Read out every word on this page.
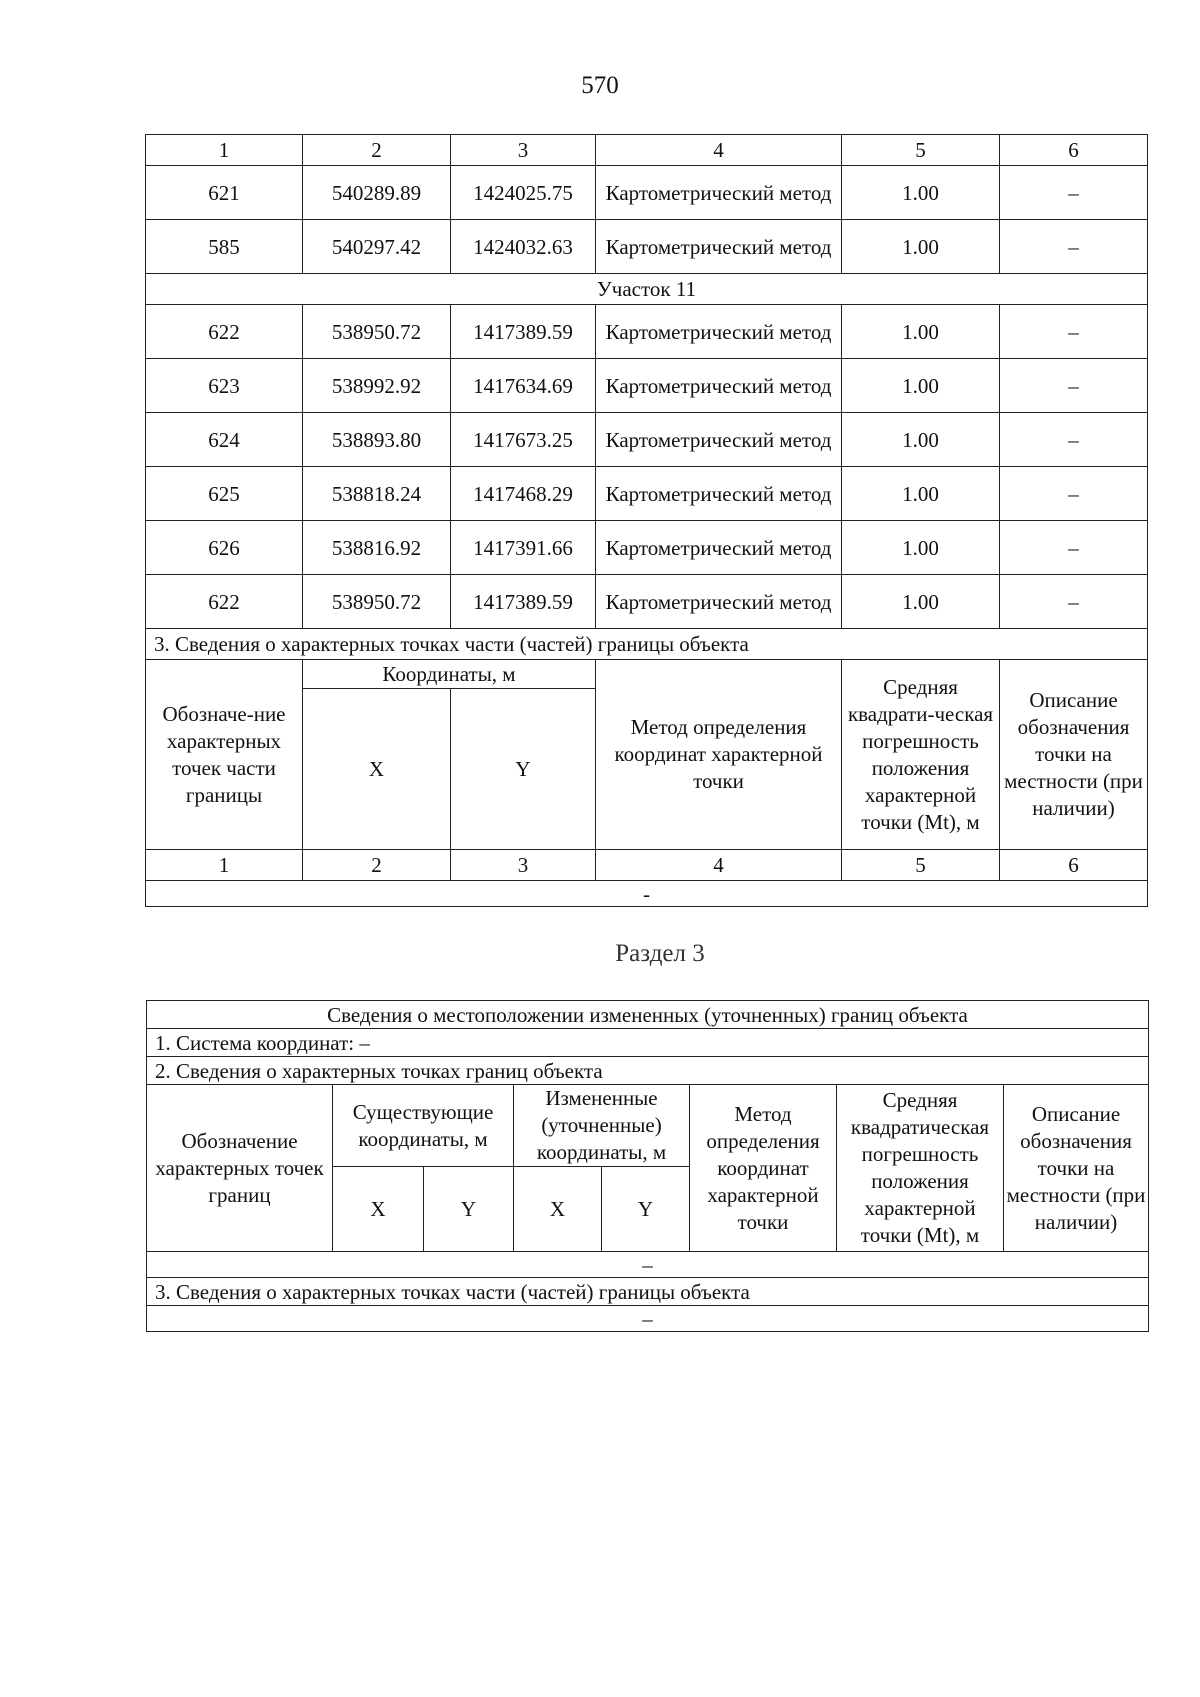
570
1	2	3	4	5	6
621	540289.89	1424025.75	Картометрический метод	1.00	–
585	540297.42	1424032.63	Картометрический метод	1.00	–
Участок 11					
622	538950.72	1417389.59	Картометрический метод	1.00	–
623	538992.92	1417634.69	Картометрический метод	1.00	–
624	538893.80	1417673.25	Картометрический метод	1.00	–
625	538818.24	1417468.29	Картометрический метод	1.00	–
626	538816.92	1417391.66	Картометрический метод	1.00	–
622	538950.72	1417389.59	Картометрический метод	1.00	–
3. Сведения о характерных точках части (частей) границы объекта					
Обозначе-ние характерных точек части границы	Координаты, м		Метод определения координат характерной точки	Средняя квадрати-ческая погрешность положения характерной точки (Mt), м	Описание обозначения точки на местности (при наличии)
	X	Y			
1	2	3	4	5	6
-					
Раздел 3
Сведения о местоположении измененных (уточненных) границ объекта							
1. Система координат: –							
2. Сведения о характерных точках границ объекта							
Обозначение характерных точек границ	Существующие координаты, м		Измененные (уточненные) координаты, м		Метод определения координат характерной точки	Средняя квадратическая погрешность положения характерной точки (Mt), м	Описание обозначения точки на местности (при наличии)
	X	Y	X	Y			
–							
3. Сведения о характерных точках части (частей) границы объекта							
–							
